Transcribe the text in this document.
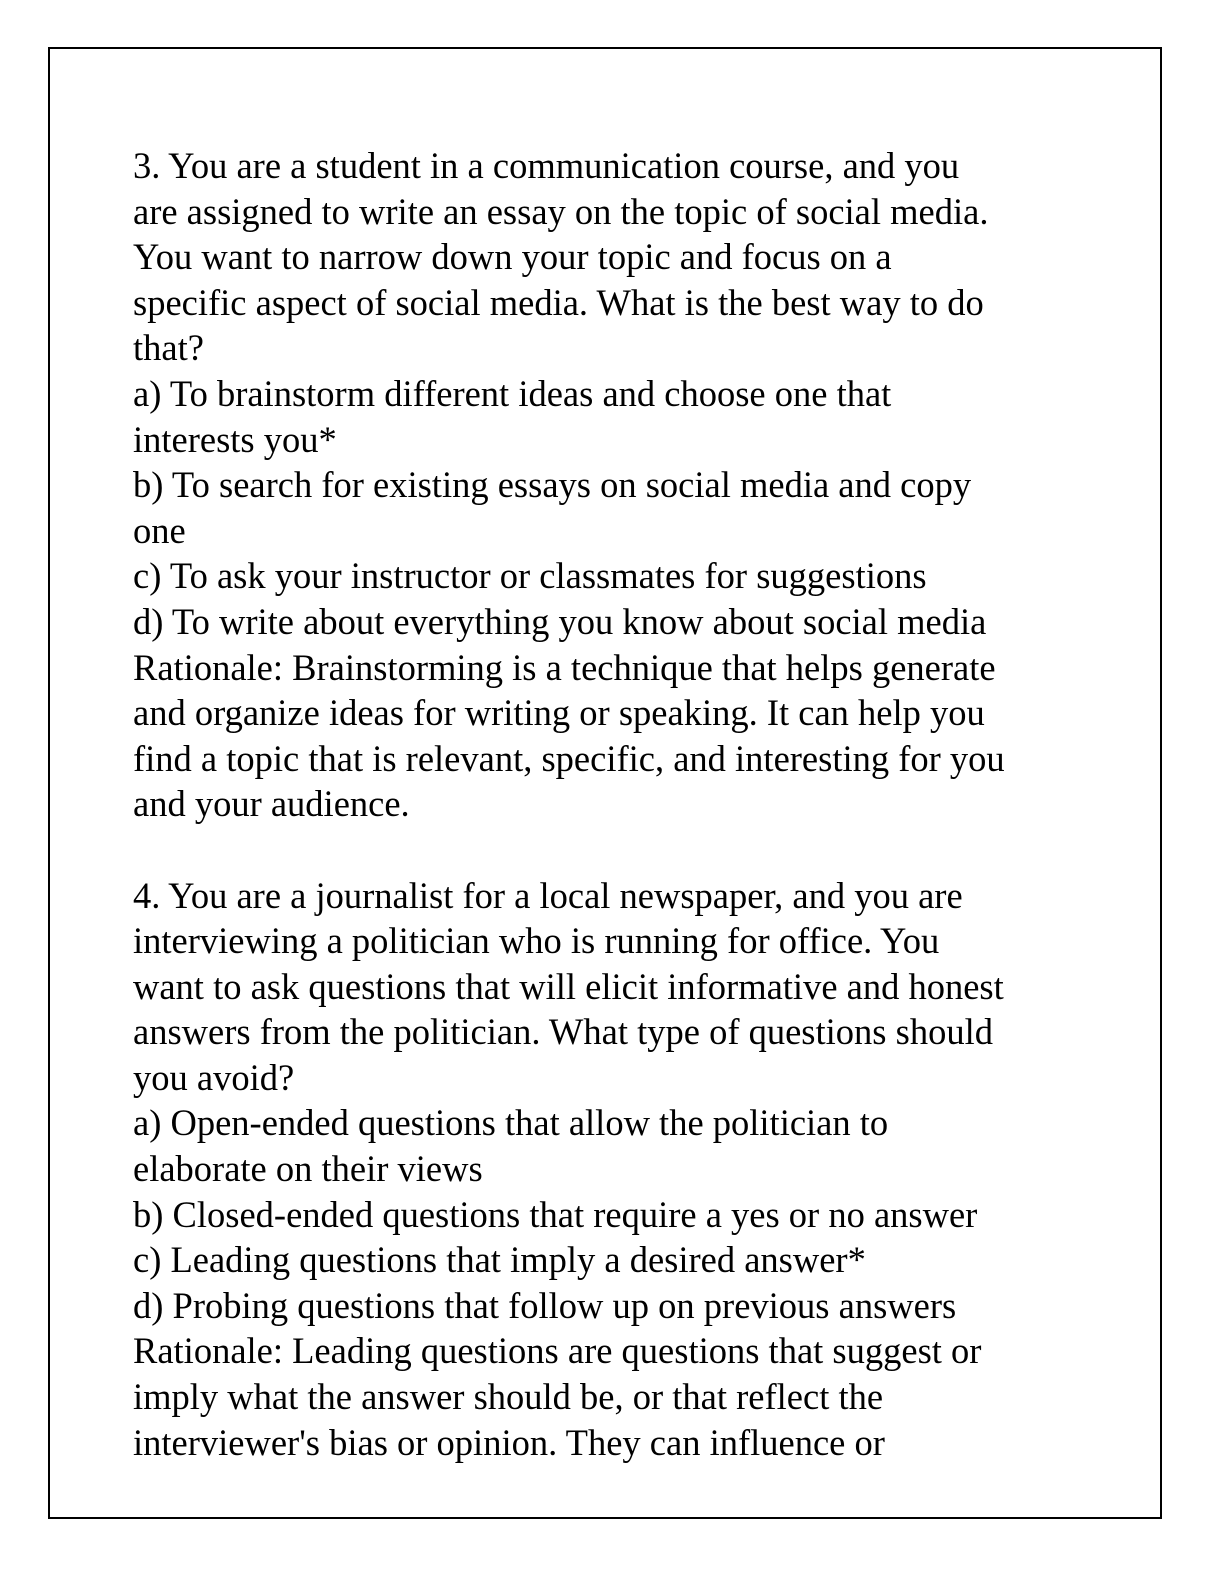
3. You are a student in a communication course, and you
are assigned to write an essay on the topic of social media.
You want to narrow down your topic and focus on a
specific aspect of social media. What is the best way to do
that?
a) To brainstorm different ideas and choose one that
interests you*
b) To search for existing essays on social media and copy
one
c) To ask your instructor or classmates for suggestions
d) To write about everything you know about social media
Rationale: Brainstorming is a technique that helps generate
and organize ideas for writing or speaking. It can help you
find a topic that is relevant, specific, and interesting for you
and your audience.
4. You are a journalist for a local newspaper, and you are
interviewing a politician who is running for office. You
want to ask questions that will elicit informative and honest
answers from the politician. What type of questions should
you avoid?
a) Open-ended questions that allow the politician to
elaborate on their views
b) Closed-ended questions that require a yes or no answer
c) Leading questions that imply a desired answer*
d) Probing questions that follow up on previous answers
Rationale: Leading questions are questions that suggest or
imply what the answer should be, or that reflect the
interviewer's bias or opinion. They can influence or
